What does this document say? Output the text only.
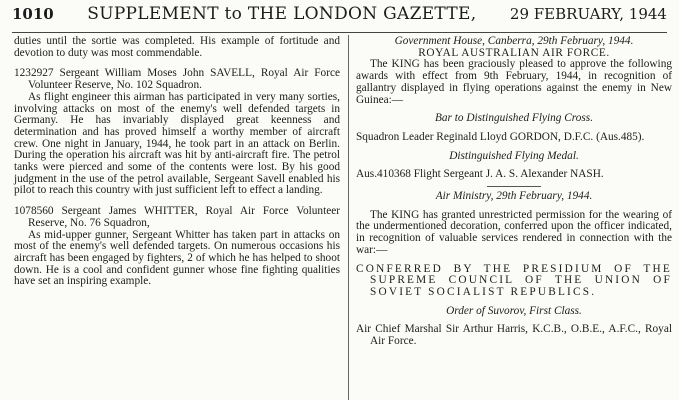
1010 SUPPLEMENT to THE LONDON GAZETTE, 29 FEBRUARY, 1944

duties until the sortie was completed. His example of fortitude and devotion to duty was most commendable.

1232927 Sergeant William Moses John SAVELL, Royal Air Force Volunteer Reserve, No. 102 Squadron.

As flight engineer this airman has participated in very many sorties, involving attacks on most of the enemy's well defended targets in Germany. He has invariably displayed great keenness and determination and has proved himself a worthy member of aircraft crew. One night in January, 1944, he took part in an attack on Berlin. During the operation his aircraft was hit by anti-aircraft fire. The petrol tanks were pierced and some of the contents were lost. By his good judgment in the use of the petrol available, Sergeant Savell enabled his pilot to reach this country with just sufficient left to effect a landing.

1078560 Sergeant James WHITTER, Royal Air Force Volunteer Reserve, No. 76 Squadron,

As mid-upper gunner, Sergeant Whitter has taken part in attacks on most of the enemy's well defended targets. On numerous occasions his aircraft has been engaged by fighters, 2 of which he has helped to shoot down. He is a cool and confident gunner whose fine fighting qualities have set an inspiring example.

Government House, Canberra, 29th February, 1944.

ROYAL AUSTRALIAN AIR FORCE.

The KING has been graciously pleased to approve the following awards with effect from 9th February, 1944, in recognition of gallantry displayed in flying operations against the enemy in New Guinea:—

Bar to Distinguished Flying Cross.

Squadron Leader Reginald Lloyd GORDON, D.F.C. (Aus.485).

Distinguished Flying Medal.

Aus.410368 Flight Sergeant J. A. S. Alexander NASH.

Air Ministry, 29th February, 1944.

The KING has granted unrestricted permission for the wearing of the undermentioned decoration, conferred upon the officer indicated, in recognition of valuable services rendered in connection with the war:—

CONFERRED BY THE PRESIDIUM OF THE SUPREME COUNCIL OF THE UNION OF SOVIET SOCIALIST REPUBLICS.

Order of Suvorov, First Class.

Air Chief Marshal Sir Arthur Harris, K.C.B., O.B.E., A.F.C., Royal Air Force.
